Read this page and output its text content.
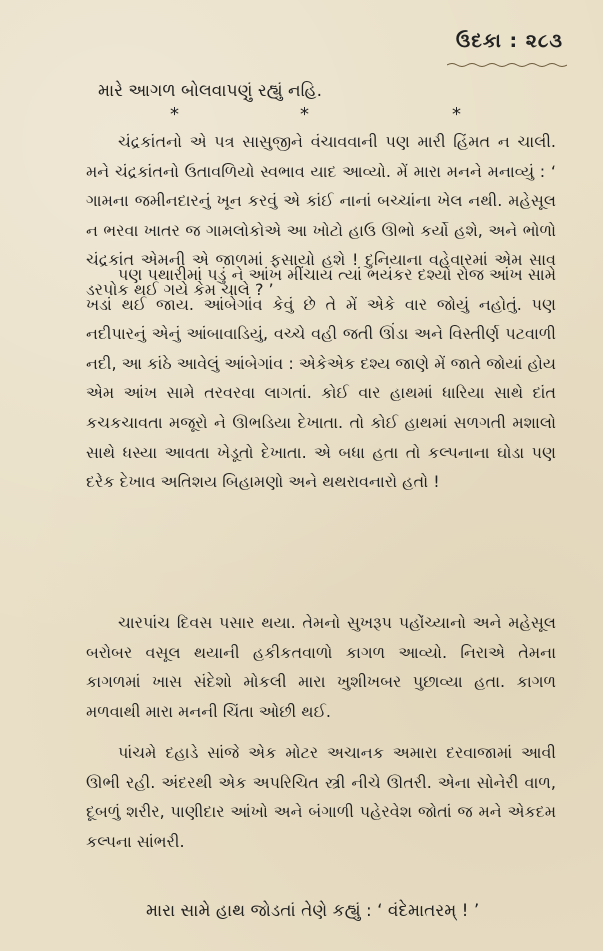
ઉદકા : ૨૮૩
મારે આગળ બોલવાપણું રહ્યું નહિ.
*	*	*

ચંદ્રકાંતનો એ પત્ર સાસુજીને વંચાવવાની પણ મારી હિંમત ન ચાલી. મને ચંદ્રકાંતનો ઉતાવળિયો સ્વભાવ યાદ આવ્યો. મેં મારા મનને મનાવ્યું : ‘ ગામના જમીનદારનું ખૂન કરવું એ કાંઈ નાનાં બચ્ચાંના ખેલ નથી. મહેસૂલ ન ભરવા ખાતર જ ગામલોકોએ આ ખોટો હાઉ ઊભો કર્યો હશે, અને ભોળો ચંદ્રકાંત એમની એ જાળમાં ફસાયો હશે ! દુનિયાના વહેવારમાં એમ સાવ ડરપોક થઈ ગયે કેમ ચાલે ? ’

પણ પથારીમાં પડું ને આંખ મીંચાય ત્યાં ભયંકર દશ્યો રોજ આંખ સામે ખડાં થઈ જાય. આંબેગાંવ કેવું છે તે મેં એકે વાર જોયું નહોતું. પણ નદીપારનું એનું આંબાવાડિયું, વચ્ચે વહી જતી ઊંડા અને વિસ્તીર્ણ પટવાળી નદી, આ કાંઠે આવેલું આંબેગાંવ : એકેએક દશ્ય જાણે મેં જાતે જોયાં હોય એમ આંખ સામે તરવરવા લાગતાં. કોઈ વાર હાથમાં ધારિયા સાથે દાંત કચકચાવતા મજૂરો ને ઊભડિયા દેખાતા. તો કોઈ હાથમાં સળગતી મશાલો સાથે ધસ્યા આવતા ખેડૂતો દેખાતા. એ બધા હતા તો કલ્પનાના ઘોડા પણ દરેક દેખાવ અતિશય બિહામણો અને થથરાવનારો હતો !

ચારપાંચ દિવસ પસાર થયા. તેમનો સુખરૂપ પહોંચ્યાનો અને મહેસૂલ બરોબર વસૂલ થયાની હકીકતવાળો કાગળ આવ્યો. નિરાએ તેમના કાગળમાં ખાસ સંદેશો મોકલી મારા ખુશીખબર પુછાવ્યા હતા. કાગળ મળવાથી મારા મનની ચિંતા ઓછી થઈ.

પાંચમે દહાડે સાંજે એક મોટર અચાનક અમારા દરવાજામાં આવી ઊભી રહી. અંદરથી એક અપરિચિત સ્ત્રી નીચે ઊતરી. એના સોનેરી વાળ, દૂબળું શરીર, પાણીદાર આંખો અને બંગાળી પહેરવેશ જોતાં જ મને એકદમ કલ્પના સાંભરી.

મારા સામે હાથ જોડતાં તેણે કહ્યું : ‘ વંદેમાતરમ્ ! ’
